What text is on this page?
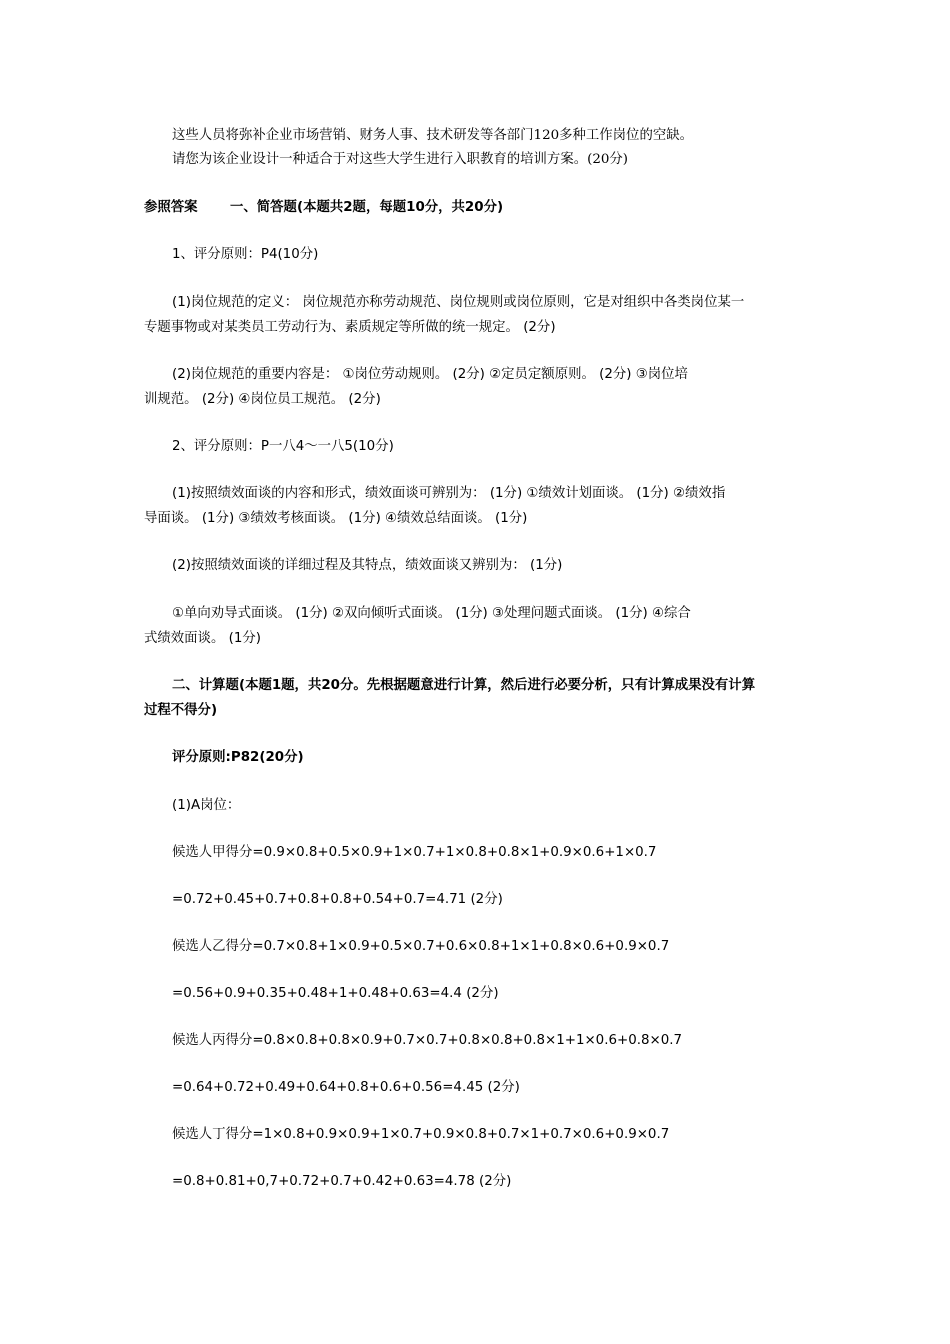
这些人员将弥补企业市场营销、财务人事、技术研发等各部门120多种工作岗位的空缺。
请您为该企业设计一种适合于对这些大学生进行入职教育的培训方案。(20分)
参照答案 一、简答题(本题共2题，每题10分，共20分)
1、评分原则：P4(10分)
(1)岗位规范的定义： 岗位规范亦称劳动规范、岗位规则或岗位原则，它是对组织中各类岗位某一
专题事物或对某类员工劳动行为、素质规定等所做的统一规定。 (2分)
(2)岗位规范的重要内容是： ①岗位劳动规则。 (2分) ②定员定额原则。 (2分) ③岗位培
训规范。 (2分) ④岗位员工规范。 (2分)
2、评分原则：P一八4～一八5(10分)
(1)按照绩效面谈的内容和形式，绩效面谈可辨别为： (1分) ①绩效计划面谈。 (1分) ②绩效指
导面谈。 (1分) ③绩效考核面谈。 (1分) ④绩效总结面谈。 (1分)
(2)按照绩效面谈的详细过程及其特点，绩效面谈又辨别为： (1分)
①单向劝导式面谈。 (1分) ②双向倾听式面谈。 (1分) ③处理问题式面谈。 (1分) ④综合
式绩效面谈。 (1分)
二、计算题(本题1题，共20分。先根据题意进行计算，然后进行必要分析，只有计算成果没有计算
过程不得分)
评分原则:P82(20分)
(1)A岗位：
候选人甲得分=0.9×0.8+0.5×0.9+1×0.7+1×0.8+0.8×1+0.9×0.6+1×0.7
=0.72+0.45+0.7+0.8+0.8+0.54+0.7=4.71 (2分)
候选人乙得分=0.7×0.8+1×0.9+0.5×0.7+0.6×0.8+1×1+0.8×0.6+0.9×0.7
=0.56+0.9+0.35+0.48+1+0.48+0.63=4.4 (2分)
候选人丙得分=0.8×0.8+0.8×0.9+0.7×0.7+0.8×0.8+0.8×1+1×0.6+0.8×0.7
=0.64+0.72+0.49+0.64+0.8+0.6+0.56=4.45 (2分)
候选人丁得分=1×0.8+0.9×0.9+1×0.7+0.9×0.8+0.7×1+0.7×0.6+0.9×0.7
=0.8+0.81+0,7+0.72+0.7+0.42+0.63=4.78 (2分)
